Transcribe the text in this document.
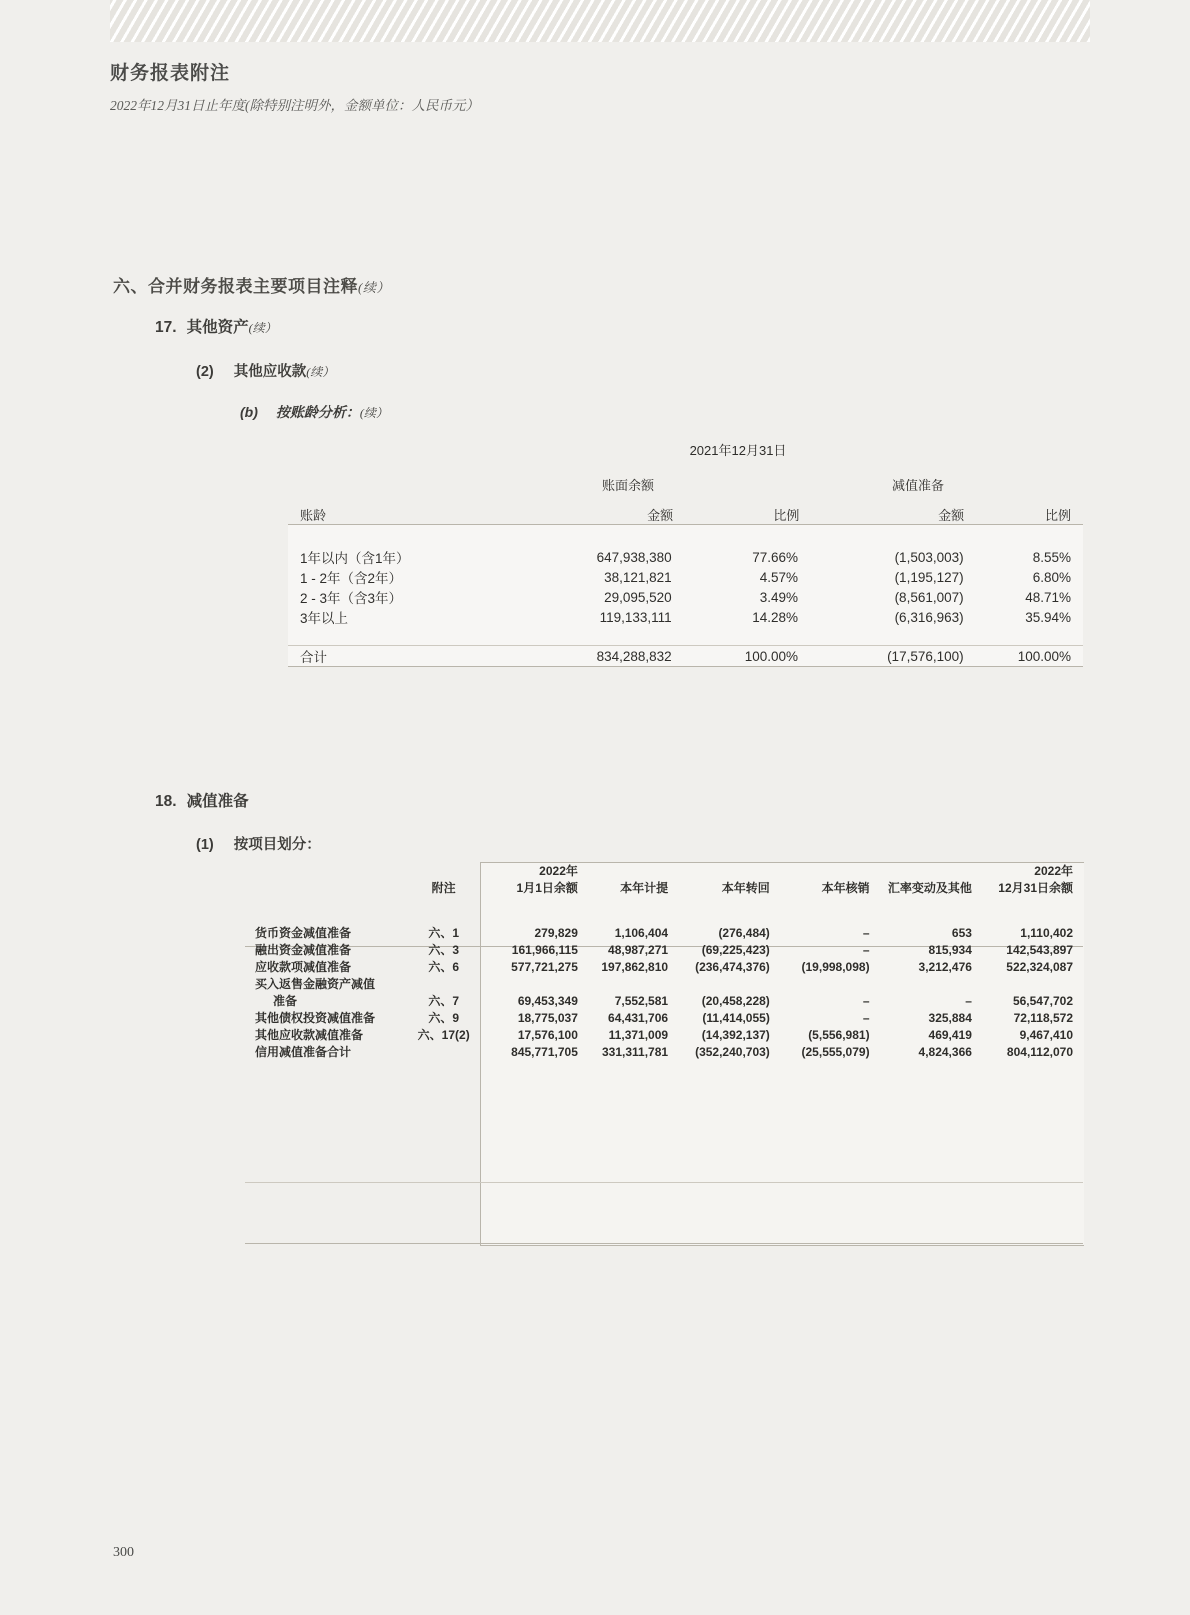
财务报表附注
2022年12月31日止年度(除特别注明外，金额单位：人民币元）
六、合并财务报表主要项目注释(续）
17. 其他资产(续）
(2) 其他应收款(续）
(b) 按账龄分析：(续）
2021年12月31日
账面余额	减值准备
账龄	金额	比例	金额	比例
1年以内（含1年）	647,938,380	77.66%	(1,503,003)	8.55%
1 - 2年（含2年）	38,121,821	4.57%	(1,195,127)	6.80%
2 - 3年（含3年）	29,095,520	3.49%	(8,561,007)	48.71%
3年以上	119,133,111	14.28%	(6,316,963)	35.94%
合计	834,288,832	100.00%	(17,576,100)	100.00%
18. 减值准备
(1) 按项目划分：
		2022年					2022年
	附注	1月1日余额	本年计提	本年转回	本年核销	汇率变动及其他	12月31日余额
货币资金减值准备	六、1	279,829	1,106,404	(276,484)	–	653	1,110,402
融出资金减值准备	六、3	161,966,115	48,987,271	(69,225,423)	–	815,934	142,543,897
应收款项减值准备	六、6	577,721,275	197,862,810	(236,474,376)	(19,998,098)	3,212,476	522,324,087
买入返售金融资产减值							
准备	六、7	69,453,349	7,552,581	(20,458,228)	–	–	56,547,702
其他债权投资减值准备	六、9	18,775,037	64,431,706	(11,414,055)	–	325,884	72,118,572
其他应收款减值准备	六、17(2)	17,576,100	11,371,009	(14,392,137)	(5,556,981)	469,419	9,467,410
信用减值准备合计		845,771,705	331,311,781	(352,240,703)	(25,555,079)	4,824,366	804,112,070
300
